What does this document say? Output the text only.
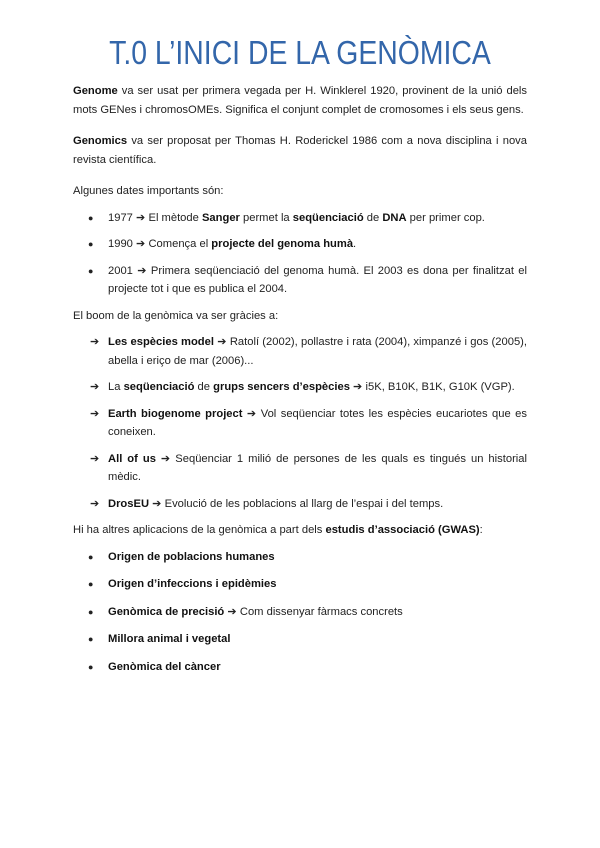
T.0 L’INICI DE LA GENÒMICA

Genome va ser usat per primera vegada per H. Winklerel 1920, provinent de la unió dels mots GENes i chromosOMEs. Significa el conjunt complet de cromosomes i els seus gens.

Genomics va ser proposat per Thomas H. Roderickel 1986 com a nova disciplina i nova revista científica.

Algunes dates importants són:

● 1977 ➔ El mètode Sanger permet la seqüenciació de DNA per primer cop.
● 1990 ➔ Comença el projecte del genoma humà.
● 2001 ➔ Primera seqüenciació del genoma humà. El 2003 es dona per finalitzat el projecte tot i que es publica el 2004.

El boom de la genòmica va ser gràcies a:

➔ Les espècies model ➔ Ratolí (2002), pollastre i rata (2004), ximpanzé i gos (2005), abella i eriço de mar (2006)...
➔ La seqüenciació de grups sencers d’espècies ➔ i5K, B10K, B1K, G10K (VGP).
➔ Earth biogenome project ➔ Vol seqüenciar totes les espècies eucariotes que es coneixen.
➔ All of us ➔ Seqüenciar 1 milió de persones de les quals es tingués un historial mèdic.
➔ DrosEU ➔ Evolució de les poblacions al llarg de l’espai i del temps.

Hi ha altres aplicacions de la genòmica a part dels estudis d’associació (GWAS):

● Origen de poblacions humanes
● Origen d’infeccions i epidèmies
● Genòmica de precisió ➔ Com dissenyar fàrmacs concrets
● Millora animal i vegetal
● Genòmica del càncer
